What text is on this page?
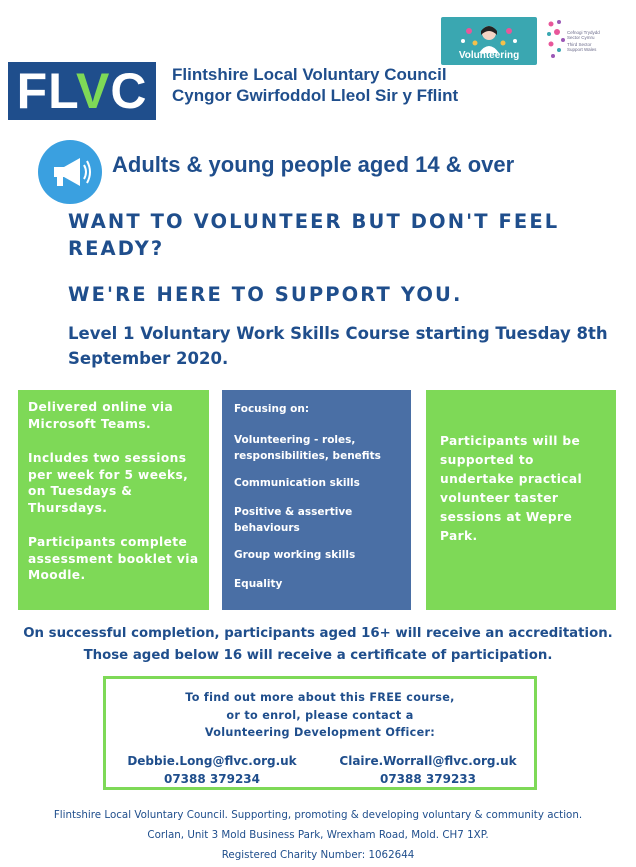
FLVC Flintshire Local Voluntary Council
Cyngor Gwirfoddol Lleol Sir y Fflint
Volunteering
Cefnogi Trydydd
Sector Cymru
Third Sector
Support Wales
Adults & young people aged 14 & over
WANT TO VOLUNTEER BUT DON'T FEEL READY?
WE'RE HERE TO SUPPORT YOU.
Level 1 Voluntary Work Skills Course starting Tuesday 8th September 2020.

Delivered online via Microsoft Teams.

Includes two sessions per week for 5 weeks, on Tuesdays & Thursdays.

Participants complete assessment booklet via Moodle.

Focusing on:

Volunteering - roles, responsibilities, benefits

Communication skills

Positive & assertive behaviours

Group working skills

Equality

Participants will be supported to undertake practical volunteer taster sessions at Wepre Park.
On successful completion, participants aged 16+ will receive an accreditation.
Those aged below 16 will receive a certificate of participation.
To find out more about this FREE course,
or to enrol, please contact a
Volunteering Development Officer:
Debbie.Long@flvc.org.uk
07388 379234
Claire.Worrall@flvc.org.uk
07388 379233
Flintshire Local Voluntary Council. Supporting, promoting & developing voluntary & community action.
Corlan, Unit 3 Mold Business Park, Wrexham Road, Mold. CH7 1XP.
Registered Charity Number: 1062644
